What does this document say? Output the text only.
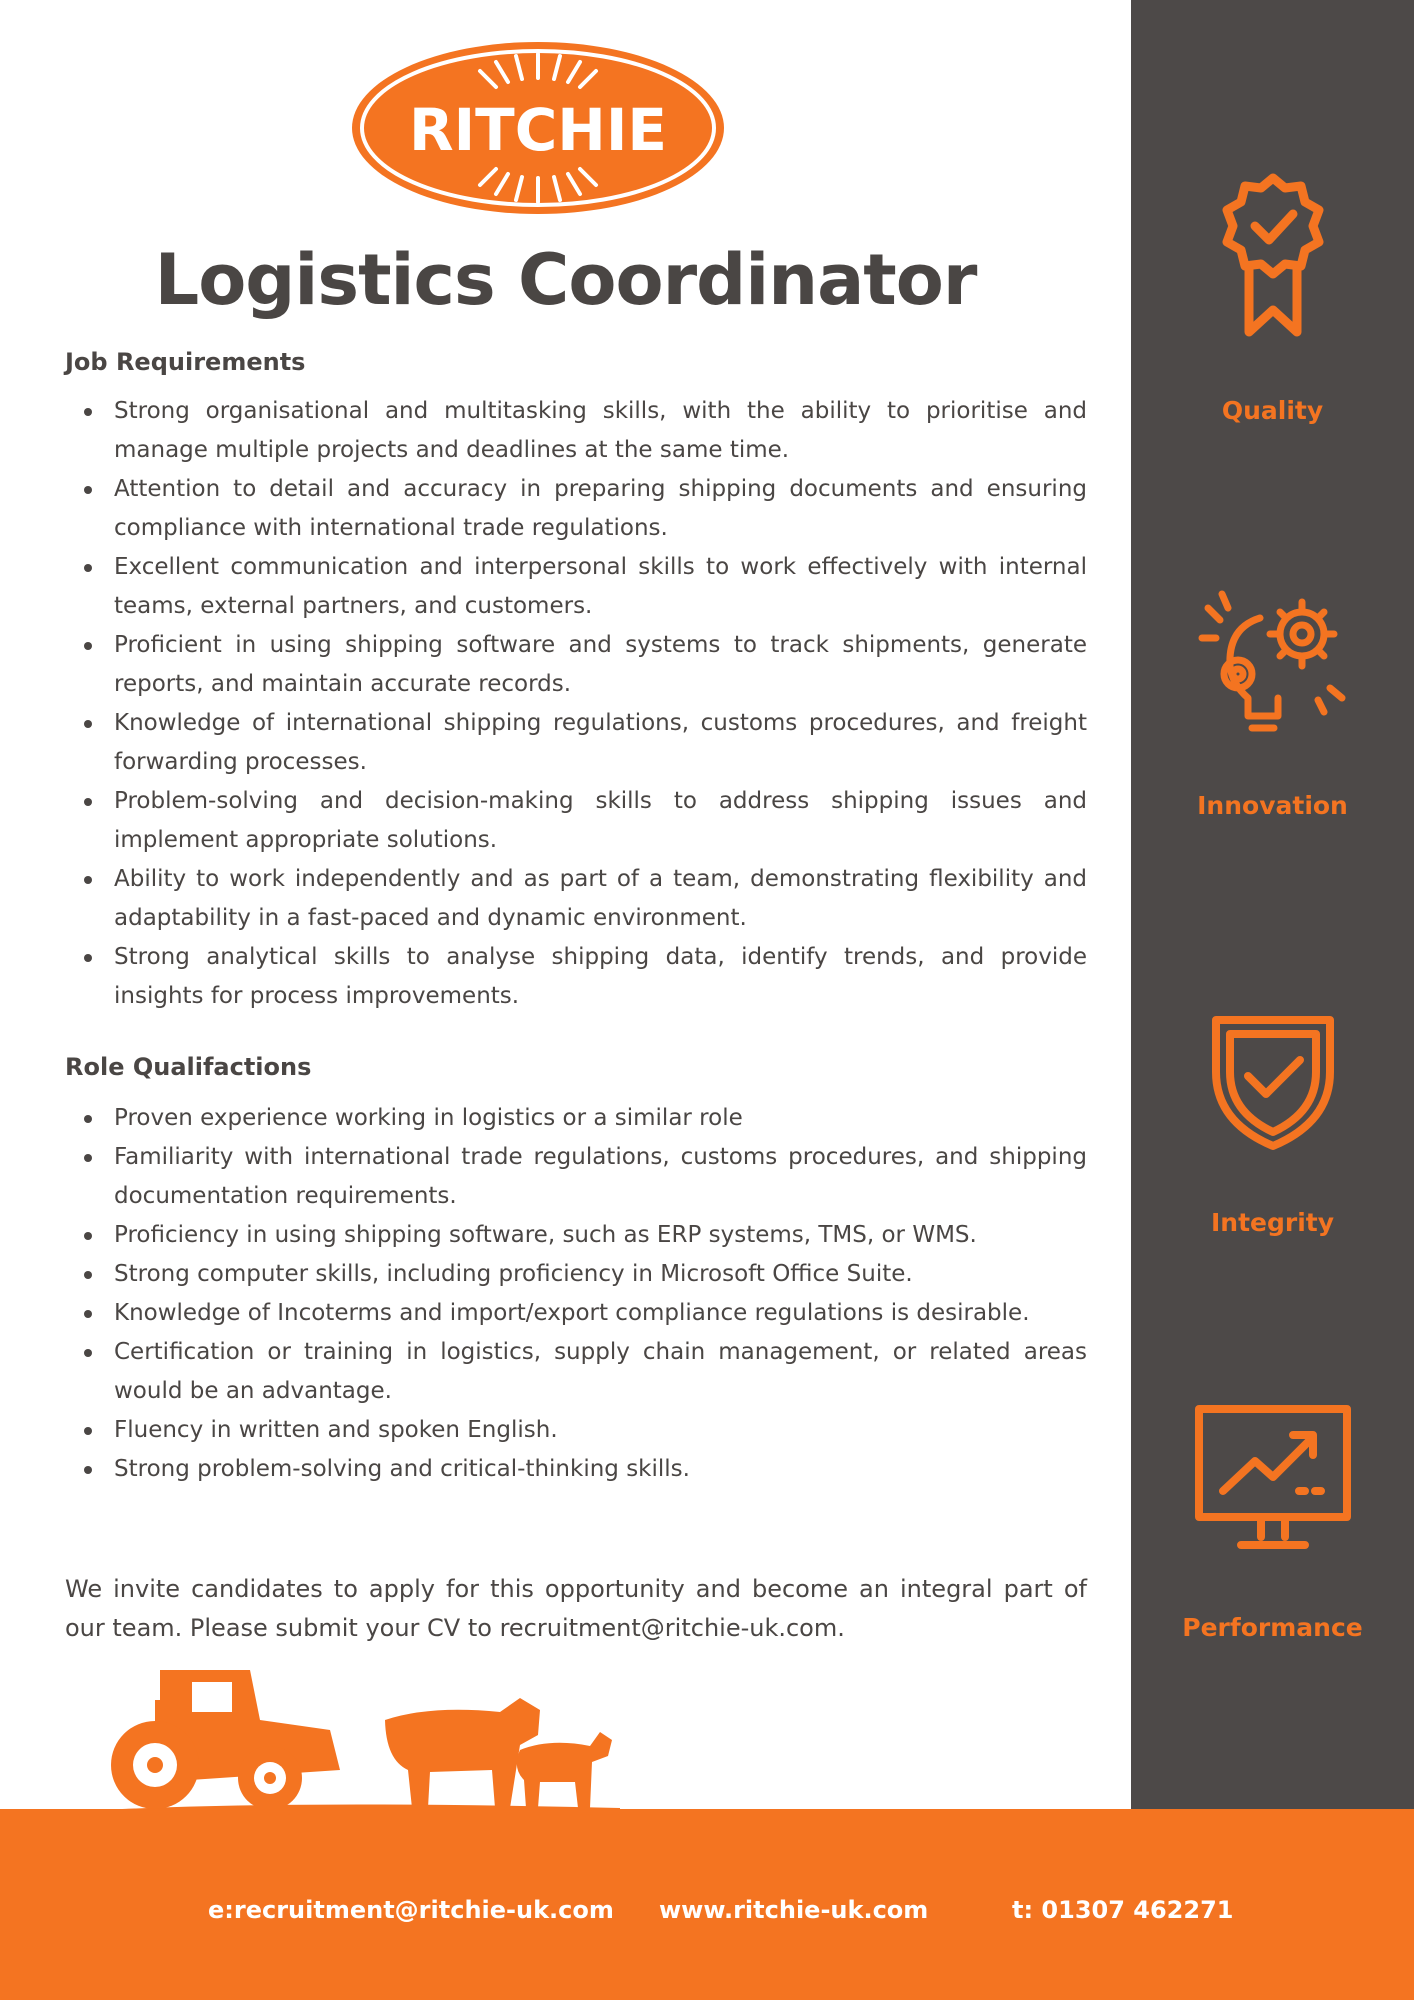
RITCHIE
Logistics Coordinator
Job Requirements
Strong organisational and multitasking skills, with the ability to prioritise and manage multiple projects and deadlines at the same time.
Attention to detail and accuracy in preparing shipping documents and ensuring compliance with international trade regulations.
Excellent communication and interpersonal skills to work effectively with internal teams, external partners, and customers.
Proficient in using shipping software and systems to track shipments, generate reports, and maintain accurate records.
Knowledge of international shipping regulations, customs procedures, and freight forwarding processes.
Problem-solving and decision-making skills to address shipping issues and implement appropriate solutions.
Ability to work independently and as part of a team, demonstrating flexibility and adaptability in a fast-paced and dynamic environment.
Strong analytical skills to analyse shipping data, identify trends, and provide insights for process improvements.
Role Qualifactions
Proven experience working in logistics or a similar role
Familiarity with international trade regulations, customs procedures, and shipping documentation requirements.
Proficiency in using shipping software, such as ERP systems, TMS, or WMS.
Strong computer skills, including proficiency in Microsoft Office Suite.
Knowledge of Incoterms and import/export compliance regulations is desirable.
Certification or training in logistics, supply chain management, or related areas would be an advantage.
Fluency in written and spoken English.
Strong problem-solving and critical-thinking skills.

We invite candidates to apply for this opportunity and become an integral part of our team. Please submit your CV to recruitment@ritchie-uk.com.

Quality
Innovation
Integrity
Performance
e:recruitment@ritchie-uk.com www.ritchie-uk.com	t: 01307 462271
